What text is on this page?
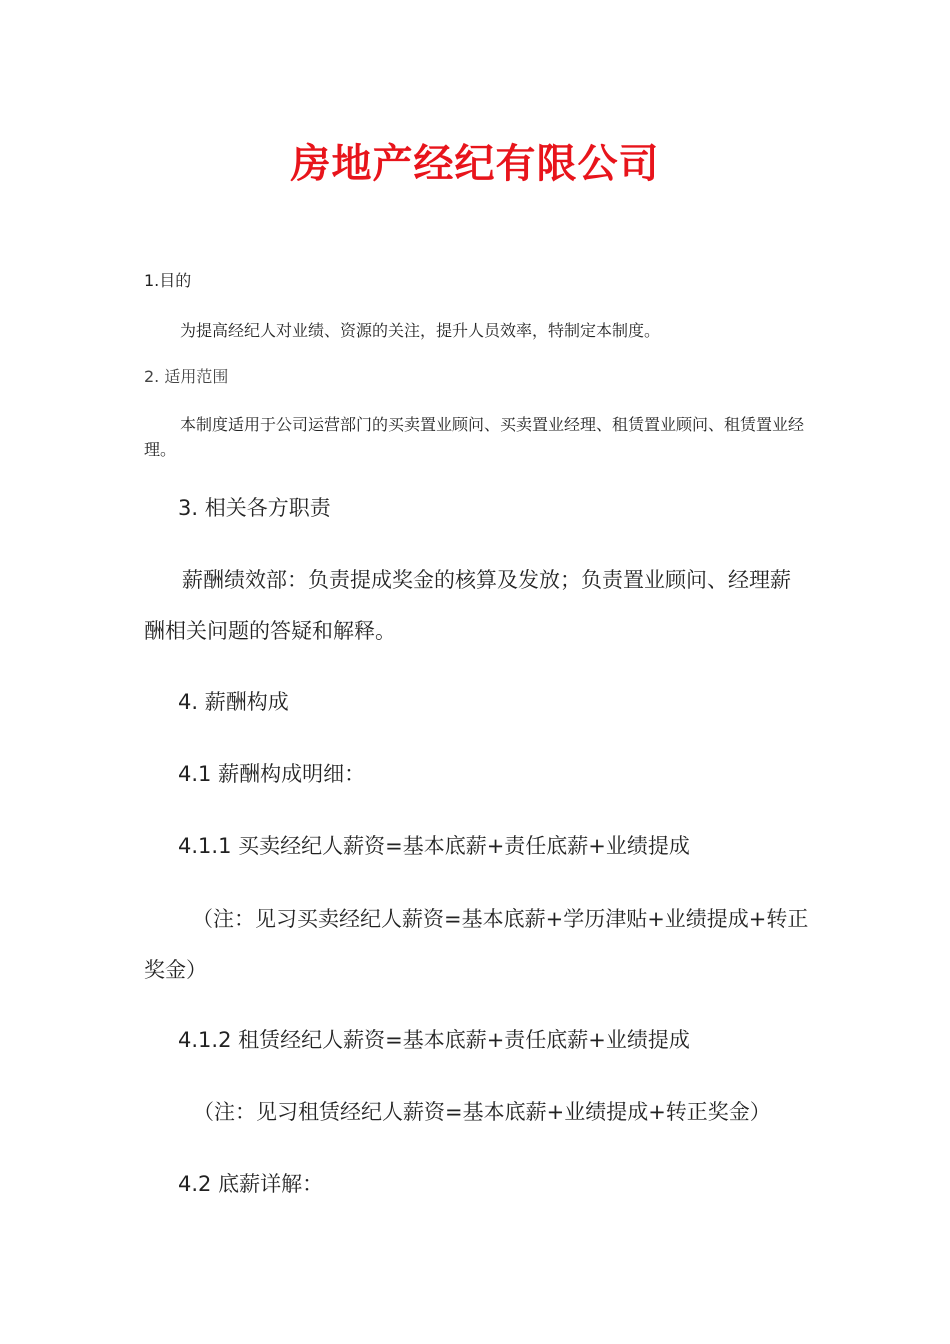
房地产经纪有限公司
1.目的
为提高经纪人对业绩、资源的关注，提升人员效率，特制定本制度。
2. 适用范围
本制度适用于公司运营部门的买卖置业顾问、买卖置业经理、租赁置业顾问、租赁置业经理。
3. 相关各方职责
薪酬绩效部：负责提成奖金的核算及发放；负责置业顾问、经理薪酬相关问题的答疑和解释。
4. 薪酬构成
4.1 薪酬构成明细：
4.1.1 买卖经纪人薪资=基本底薪+责任底薪+业绩提成
（注：见习买卖经纪人薪资=基本底薪+学历津贴+业绩提成+转正奖金）
4.1.2 租赁经纪人薪资=基本底薪+责任底薪+业绩提成
（注：见习租赁经纪人薪资=基本底薪+业绩提成+转正奖金）
4.2 底薪详解：
